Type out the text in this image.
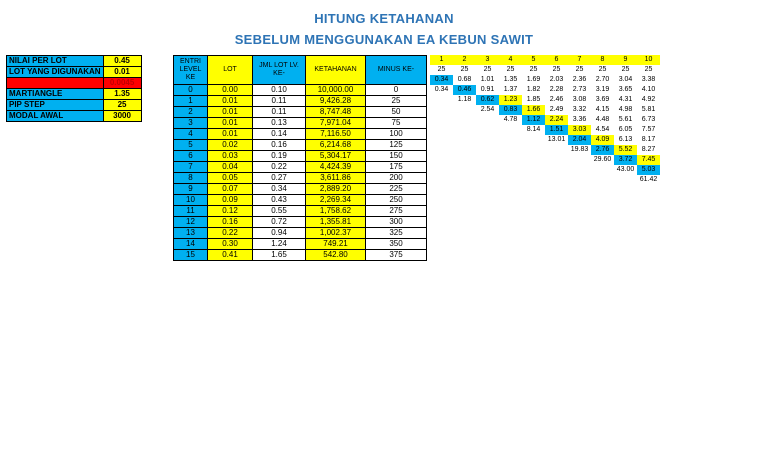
HITUNG KETAHANAN
SEBELUM MENGGUNAKAN EA KEBUN SAWIT
NILAI PER LOT	0.45
LOT YANG DIGUNAKAN	0.01
APPLY	0.0045
MARTIANGLE	1.35
PIP STEP	25
MODAL AWAL	3000
ENTRI LEVEL KE	LOT	JML LOT LV. KE-	KETAHANAN	MINUS KE-
0	0.00	0.10	10,000.00	0
1	0.01	0.11	9,426.28	25
2	0.01	0.11	8,747.48	50
3	0.01	0.13	7,971.04	75
4	0.01	0.14	7,116.50	100
5	0.02	0.16	6,214.68	125
6	0.03	0.19	5,304.17	150
7	0.04	0.22	4,424.39	175
8	0.05	0.27	3,611.86	200
9	0.07	0.34	2,889.20	225
10	0.09	0.43	2,269.34	250
11	0.12	0.55	1,758.62	275
12	0.16	0.72	1,355.81	300
13	0.22	0.94	1,002.37	325
14	0.30	1.24	749.21	350
15	0.41	1.65	542.80	375
1	2	3	4	5	6	7	8	9	10
25	25	25	25	25	25	25	25	25	25
0.34	0.68	1.01	1.35	1.69	2.03	2.36	2.70	3.04	3.38
0.34	0.46	0.91	1.37	1.82	2.28	2.73	3.19	3.65	4.10
	1.18	0.62	1.23	1.85	2.46	3.08	3.69	4.31	4.92
		2.54	0.83	1.66	2.49	3.32	4.15	4.98	5.81
			4.78	1.12	2.24	3.36	4.48	5.61	6.73
				8.14	1.51	3.03	4.54	6.05	7.57
					13.01	2.04	4.09	6.13	8.17
						19.83	2.76	5.52	8.27
							29.60	3.72	7.45
								43.00	5.03
									61.42
